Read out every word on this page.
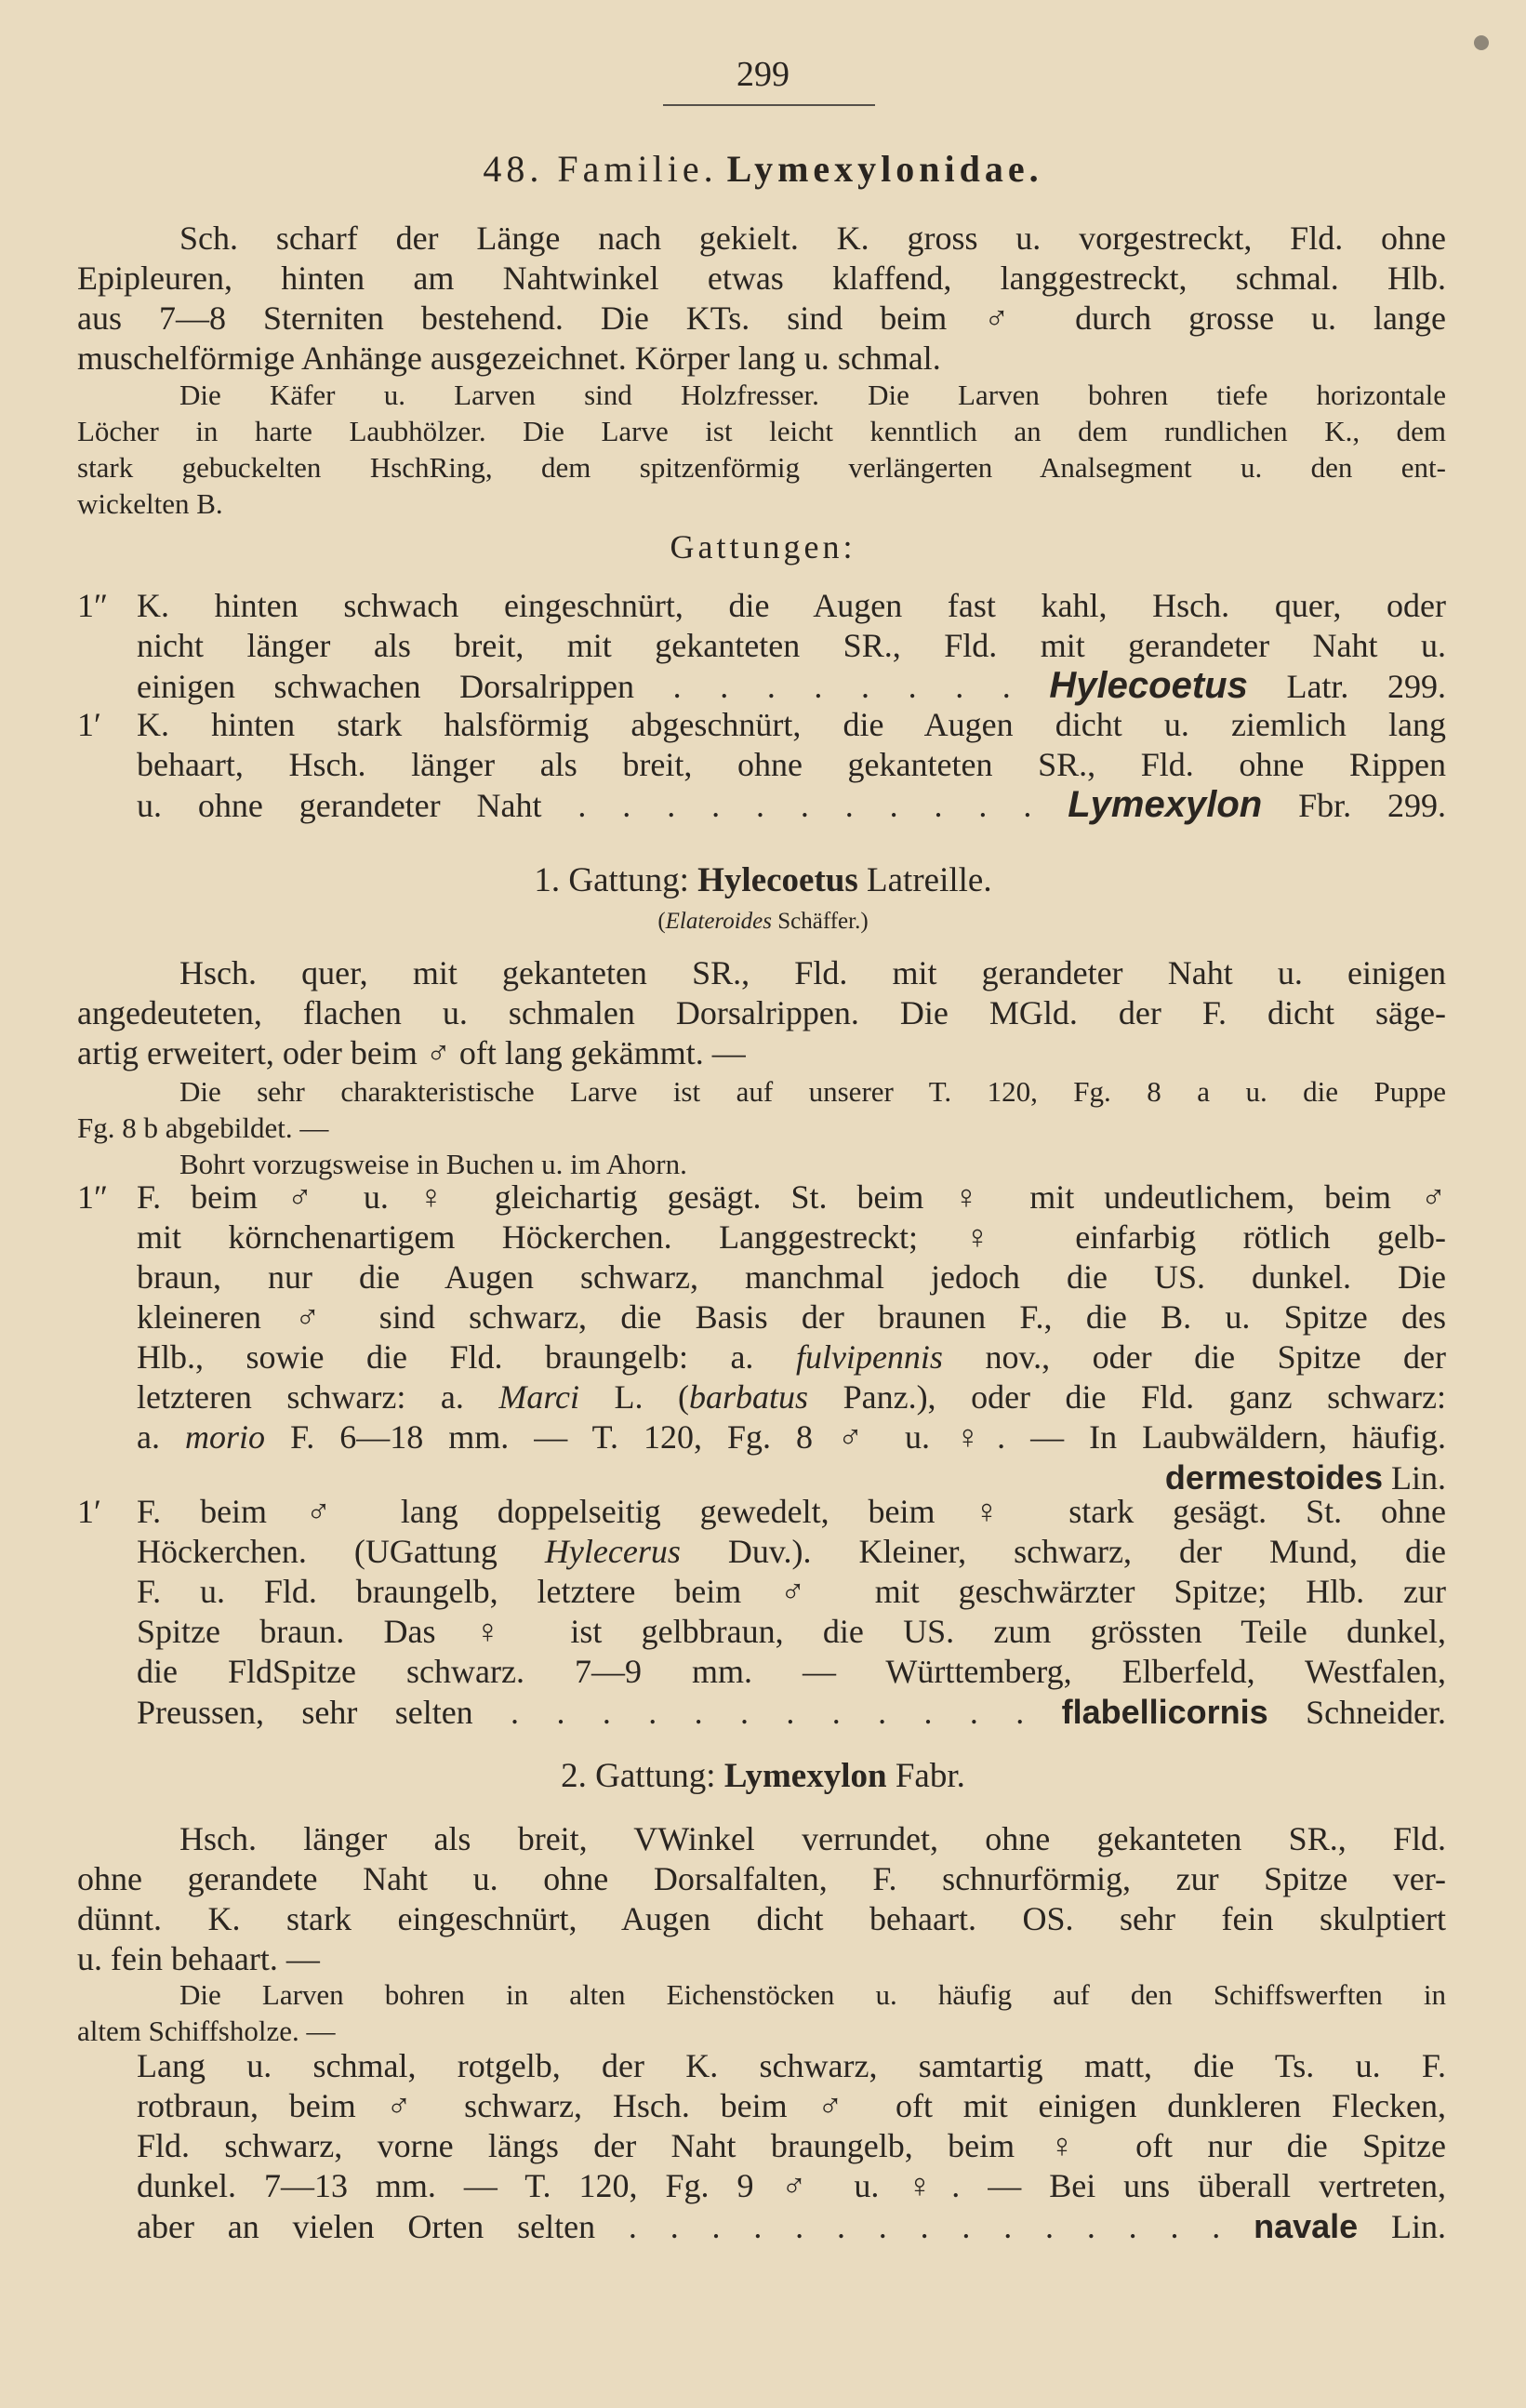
299
48. Familie. Lymexylonidae.
Sch. scharf der Länge nach gekielt. K. gross u. vorgestreckt, Fld. ohne
Epipleuren, hinten am Nahtwinkel etwas klaffend, langgestreckt, schmal. Hlb.
aus 7—8 Sterniten bestehend. Die KTs. sind beim ♂ durch grosse u. lange
muschelförmige Anhänge ausgezeichnet. Körper lang u. schmal.
Die Käfer u. Larven sind Holzfresser. Die Larven bohren tiefe horizontale
Löcher in harte Laubhölzer. Die Larve ist leicht kenntlich an dem rundlichen K., dem
stark gebuckelten HschRing, dem spitzenförmig verlängerten Analsegment u. den ent-
wickelten B.
Gattungen:
1″ K. hinten schwach eingeschnürt, die Augen fast kahl, Hsch. quer, oder
nicht länger als breit, mit gekanteten SR., Fld. mit gerandeter Naht u.
einigen schwachen Dorsalrippen . . . . . . . . Hylecoetus Latr. 299.
1′ K. hinten stark halsförmig abgeschnürt, die Augen dicht u. ziemlich lang
behaart, Hsch. länger als breit, ohne gekanteten SR., Fld. ohne Rippen
u. ohne gerandeter Naht . . . . . . . . . . . Lymexylon Fbr. 299.
1. Gattung: Hylecoetus Latreille.
(Elateroides Schäffer.)
Hsch. quer, mit gekanteten SR., Fld. mit gerandeter Naht u. einigen
angedeuteten, flachen u. schmalen Dorsalrippen. Die MGld. der F. dicht säge-
artig erweitert, oder beim ♂ oft lang gekämmt. —
Die sehr charakteristische Larve ist auf unserer T. 120, Fg. 8 a u. die Puppe
Fg. 8 b abgebildet. —
Bohrt vorzugsweise in Buchen u. im Ahorn.
1″ F. beim ♂ u. ♀ gleichartig gesägt. St. beim ♀ mit undeutlichem, beim ♂
mit körnchenartigem Höckerchen. Langgestreckt; ♀ einfarbig rötlich gelb-
braun, nur die Augen schwarz, manchmal jedoch die US. dunkel. Die
kleineren ♂ sind schwarz, die Basis der braunen F., die B. u. Spitze des
Hlb., sowie die Fld. braungelb: a. fulvipennis nov., oder die Spitze der
letzteren schwarz: a. Marci L. (barbatus Panz.), oder die Fld. ganz schwarz:
a. morio F. 6—18 mm. — T. 120, Fg. 8 ♂ u. ♀. — In Laubwäldern, häufig.
dermestoides Lin.
1′ F. beim ♂ lang doppelseitig gewedelt, beim ♀ stark gesägt. St. ohne
Höckerchen. (UGattung Hylecerus Duv.). Kleiner, schwarz, der Mund, die
F. u. Fld. braungelb, letztere beim ♂ mit geschwärzter Spitze; Hlb. zur
Spitze braun. Das ♀ ist gelbbraun, die US. zum grössten Teile dunkel,
die FldSpitze schwarz. 7—9 mm. — Württemberg, Elberfeld, Westfalen,
Preussen, sehr selten . . . . . . . . . . . . flabellicornis Schneider.
2. Gattung: Lymexylon Fabr.
Hsch. länger als breit, VWinkel verrundet, ohne gekanteten SR., Fld.
ohne gerandete Naht u. ohne Dorsalfalten, F. schnurförmig, zur Spitze ver-
dünnt. K. stark eingeschnürt, Augen dicht behaart. OS. sehr fein skulptiert
u. fein behaart. —
Die Larven bohren in alten Eichenstöcken u. häufig auf den Schiffswerften in
altem Schiffsholze. —
Lang u. schmal, rotgelb, der K. schwarz, samtartig matt, die Ts. u. F.
rotbraun, beim ♂ schwarz, Hsch. beim ♂ oft mit einigen dunkleren Flecken,
Fld. schwarz, vorne längs der Naht braungelb, beim ♀ oft nur die Spitze
dunkel. 7—13 mm. — T. 120, Fg. 9 ♂ u. ♀. — Bei uns überall vertreten,
aber an vielen Orten selten . . . . . . . . . . . . . . . navale Lin.
